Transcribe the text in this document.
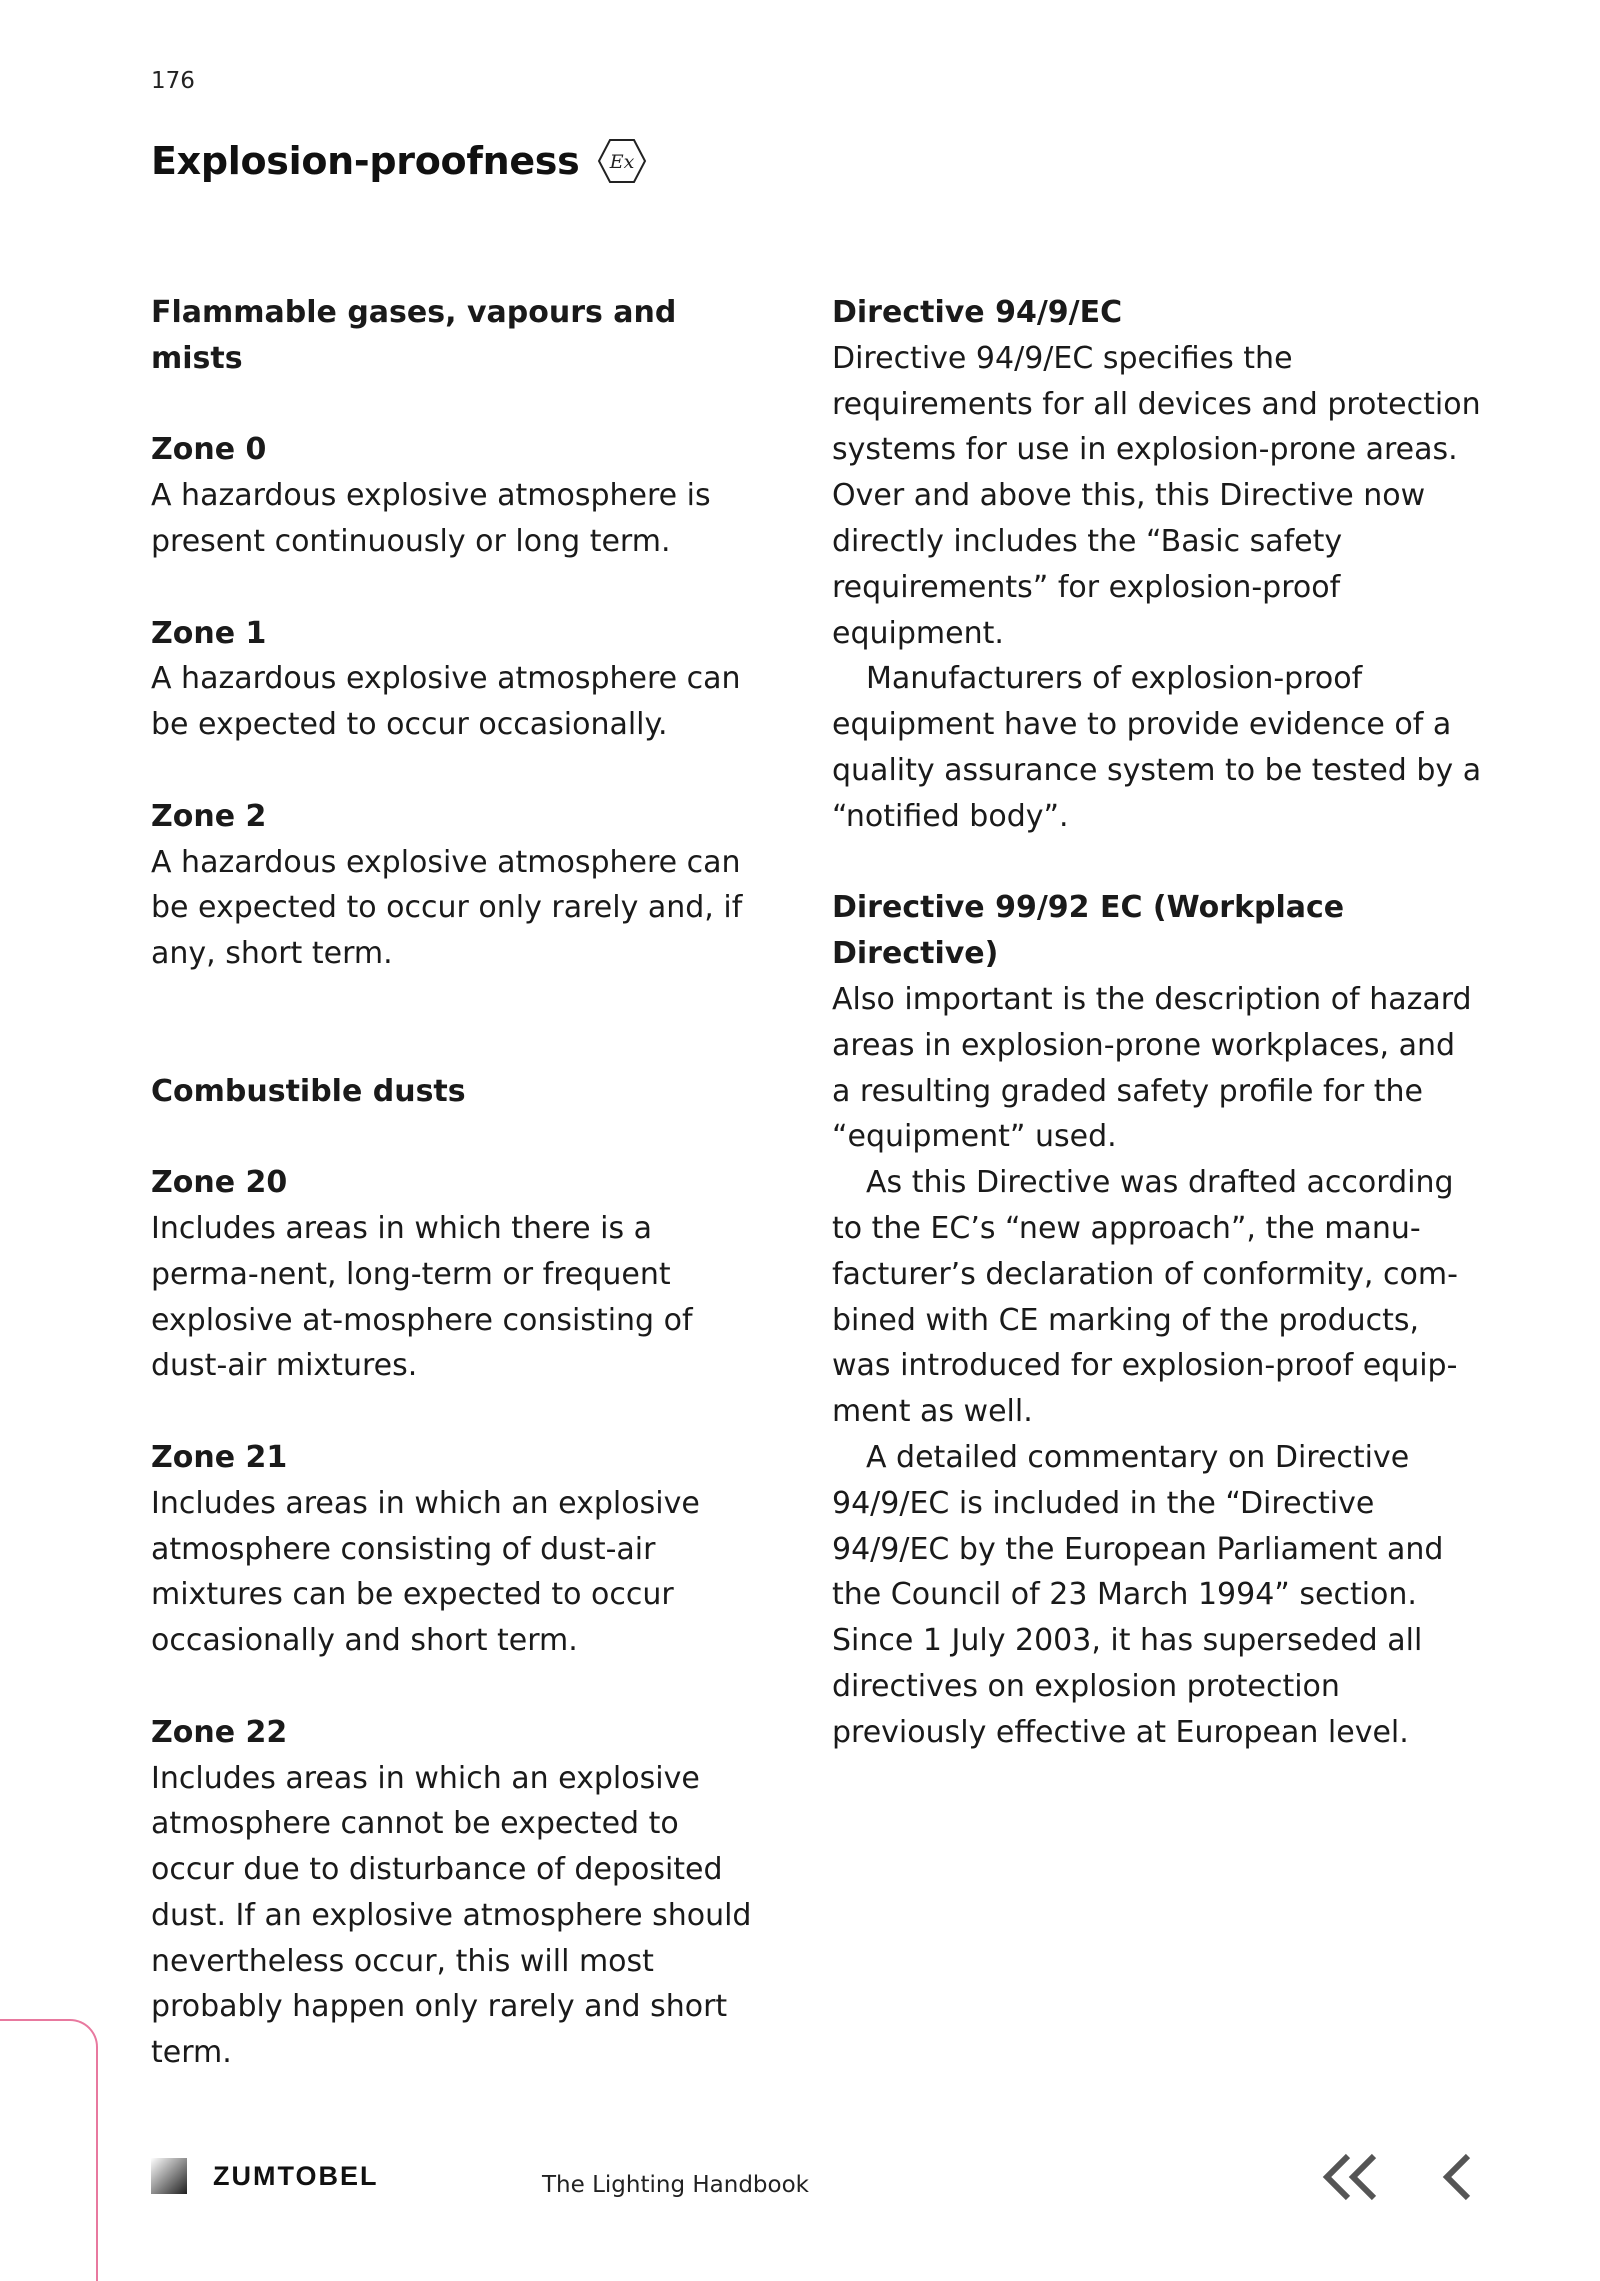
176
Explosion-proofness Ex

Flammable gases, vapours and mists

Zone 0

A hazardous explosive atmosphere is present continuously or long term.

Zone 1

A hazardous explosive atmosphere can be expected to occur occasionally.

Zone 2

A hazardous explosive atmosphere can be expected to occur only rarely and, if any, short term.

Combustible dusts

Zone 20

Includes areas in which there is a perma-nent, long-term or frequent explosive at-mosphere consisting of dust-air mixtures.

Zone 21

Includes areas in which an explosive atmosphere consisting of dust-air mixtures can be expected to occur occasionally and short term.

Zone 22

Includes areas in which an explosive atmosphere cannot be expected to occur due to disturbance of deposited dust. If an explosive atmosphere should nevertheless occur, this will most probably happen only rarely and short term.

Directive 94/9/EC

Directive 94/9/EC specifies the requirements for all devices and protection systems for use in explosion-prone areas. Over and above this, this Directive now directly includes the “Basic safety requirements” for explosion-proof equipment.

Manufacturers of explosion-proof equipment have to provide evidence of a quality assurance system to be tested by a “notified body”.

Directive 99/92 EC (Workplace Directive)

Also important is the description of hazard areas in explosion-prone workplaces, and a resulting graded safety profile for the “equipment” used.

As this Directive was drafted according to the EC’s “new approach”, the manu-facturer’s declaration of conformity, com-bined with CE marking of the products, was introduced for explosion-proof equip-ment as well.

A detailed commentary on Directive 94/9/EC is included in the “Directive 94/9/EC by the European Parliament and the Council of 23 March 1994” section. Since 1 July 2003, it has superseded all directives on explosion protection previously effective at European level.

ZUMTOBEL	The Lighting Handbook
